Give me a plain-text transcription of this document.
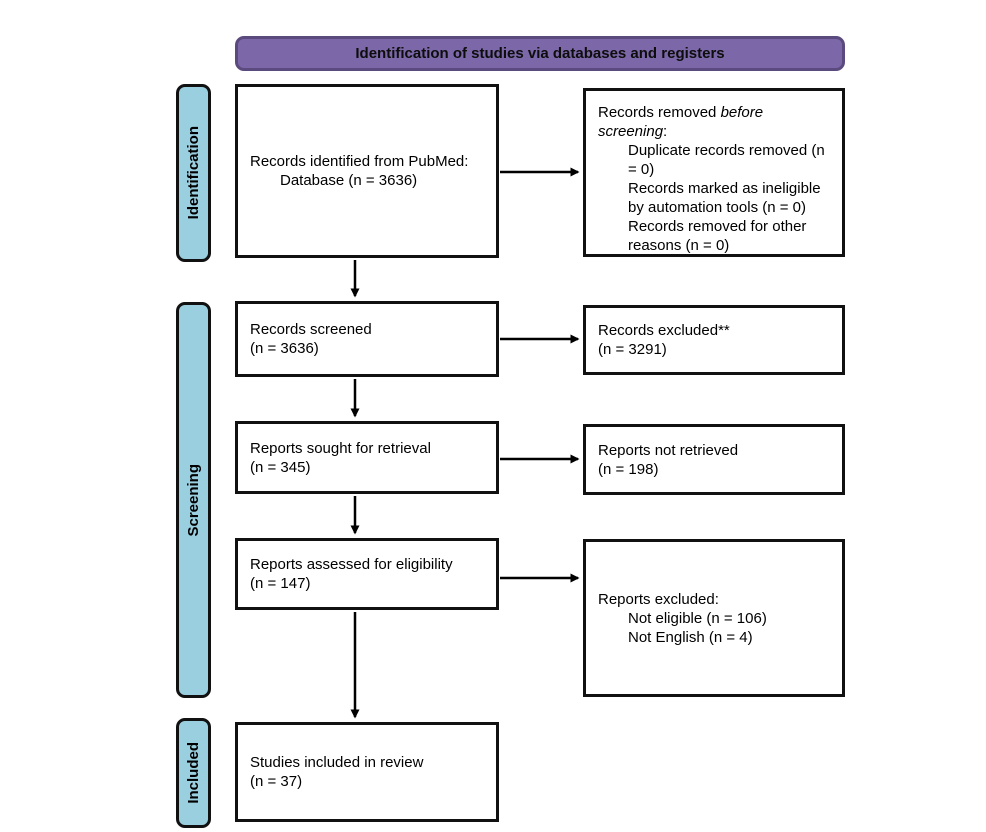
Identification of studies via databases and registers
Identification
Screening
Included
Records identified from PubMed:
Database (n = 3636)
Records screened
(n = 3636)
Reports sought for retrieval
(n = 345)
Reports assessed for eligibility
(n = 147)
Studies included in review
(n = 37)
Records removed before screening:
Duplicate records removed (n = 0)
Records marked as ineligible by automation tools (n = 0)
Records removed for other reasons (n = 0)
Records excluded**
(n = 3291)
Reports not retrieved
(n = 198)
Reports excluded:
Not eligible (n = 106)
Not English (n = 4)
